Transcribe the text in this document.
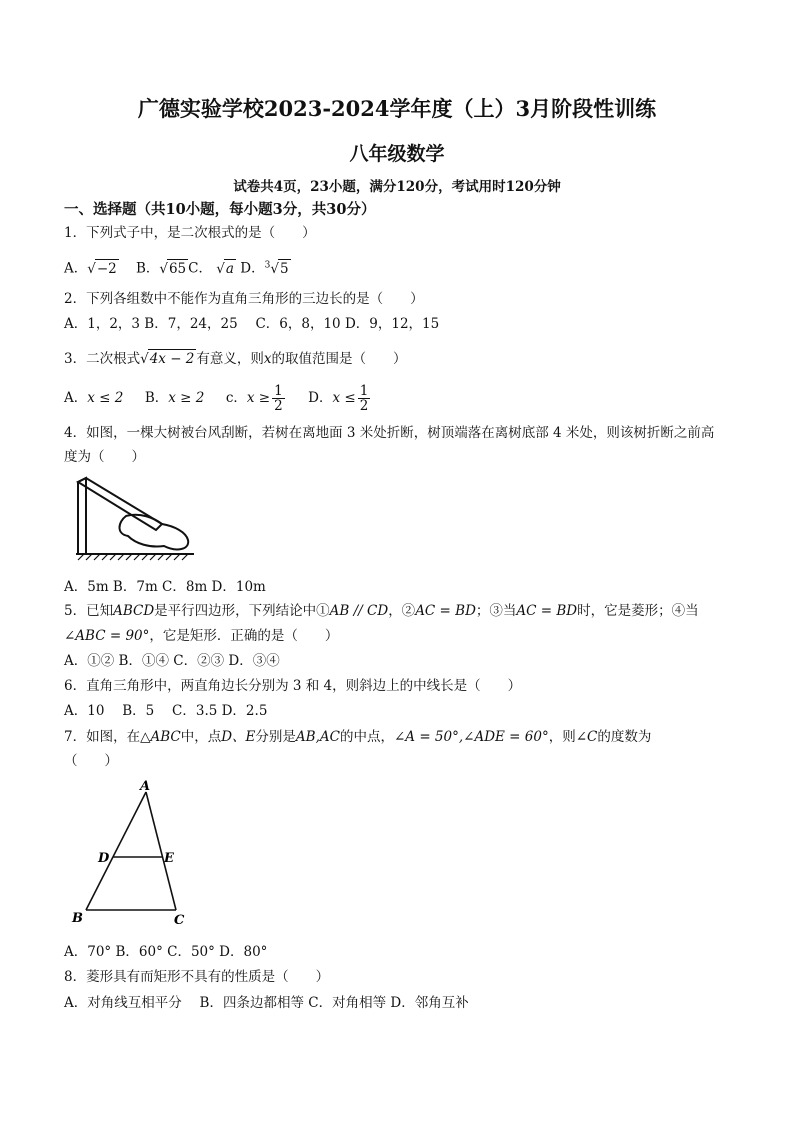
广德实验学校2023-2024学年度（上）3月阶段性训练
八年级数学
试卷共4页，23小题，满分120分，考试用时120分钟
一、选择题（共10小题，每小题3分，共30分）
1．下列式子中，是二次根式的是（　　）
A．√−2 B．√65 C． √a D．$^3$√5
2．下列各组数中不能作为直角三角形的三边长的是（　　）
A．1，2，3 B．7，24，25 　C．6，8，10 D．9，12，15
3．二次根式√4x − 2 有意义，则x的取值范围是（　　）
A．x ≤ 2 B．x ≥ 2 c．$x \ge \frac{1}{2}$ D．$x \le \frac{1}{2}$
4．如图，一棵大树被台风刮断，若树在离地面 3 米处折断，树顶端落在离树底部 4 米处，则该树折断之前高
度为（　　）
A．5m B．7m C．8m D．10m
5．已知ABCD是平行四边形，下列结论中①AB // CD，②AC = BD；③当AC = BD时，它是菱形；④当
∠ABC = 90°，它是矩形．正确的是（　　）
A．①② B．①④ C．②③ D．③④
6．直角三角形中，两直角边长分别为 3 和 4，则斜边上的中线长是（　　）
A．10 　B．5 　C．3.5 D．2.5
7．如图，在△ABC中，点D、E分别是AB,AC的中点，∠A = 50°,∠ADE = 60°，则∠C的度数为
（　　）
A
D	E
B	C
A．70° B．60° C．50° D．80°
8．菱形具有而矩形不具有的性质是（　　）
A．对角线互相平分 　B．四条边都相等 C．对角相等 D．邻角互补
